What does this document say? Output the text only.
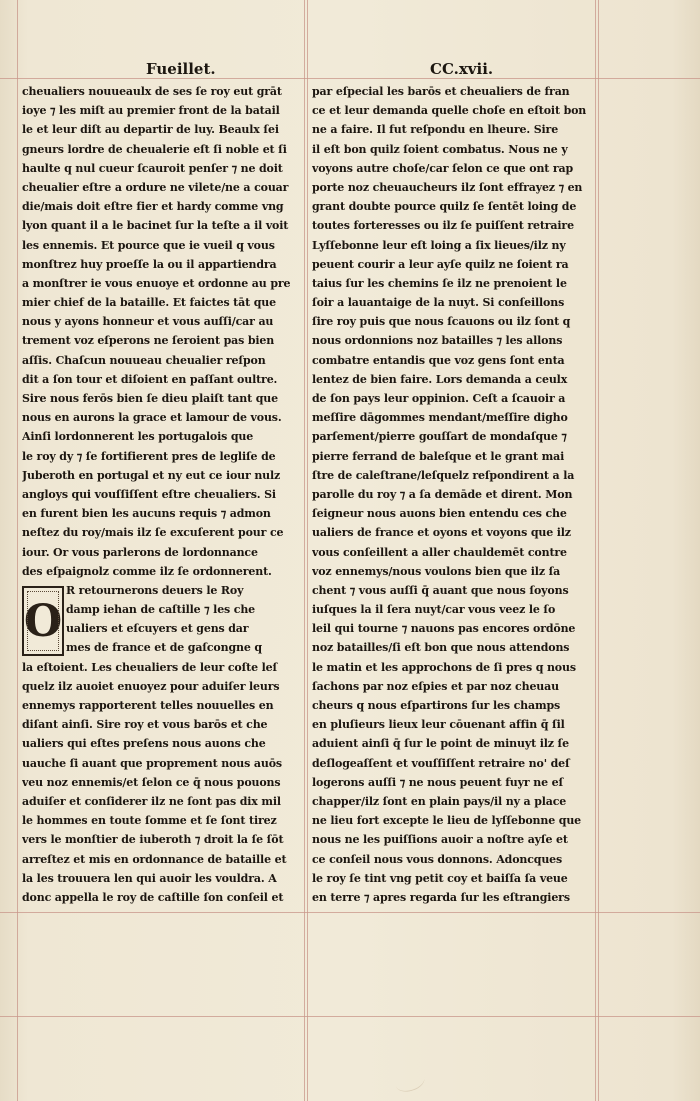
Fueillet.	CC.xvii.
cheualiers nouueaulx de ses ſe roy eut grāt
ioye ⁊ les miſt au premier front de la batail
le et leur diſt au departir de luy. Beaulx ſei
gneurs lordre de cheualerie eſt ſi noble et ſi
haulte q nul cueur ſcauroit penſer ⁊ ne doit
cheualier eſtre a ordure ne vilete/ne a couar
die/mais doit eſtre fier et hardy comme vng
lyon quant il a le bacinet ſur la teſte a il voit
les ennemis. Et pource que ie vueil q vous
monſtrez huy proeſſe la ou il appartiendra
a monſtrer ie vous enuoye et ordonne au pre
mier chief de la bataille. Et faictes tāt que
nous y ayons honneur et vous auſſi/car au
trement voz eſperons ne ſeroient pas bien
aſſis. Chaſcun nouueau cheualier reſpon
dit a ſon tour et diſoient en paſſant oultre.
Sire nous ferōs bien ſe dieu plaiſt tant que
nous en aurons la grace et lamour de vous.
Ainſi lordonnerent les portugalois que
le roy dy ⁊ ſe fortifierent pres de legliſe de
Juberoth en portugal et ny eut ce iour nulz
angloys qui vouſſiſſent eſtre cheualiers. Si
en furent bien les aucuns requis ⁊ admon
neſtez du roy/mais ilz ſe excuſerent pour ce
iour. Or vous parlerons de lordonnance
des eſpaignolz comme ilz ſe ordonnerent.
R retournerons deuers le Roy
damp iehan de caſtille ⁊ les che
ualiers et eſcuyers et gens dar
mes de france et de gaſcongne q
la eſtoient. Les cheualiers de leur coſte leſ
quelz ilz auoiet enuoyez pour aduiſer leurs
ennemys rapporterent telles nouuelles en
diſant ainſi. Sire roy et vous barōs et che
ualiers qui eſtes preſens nous auons che
uauche ſi auant que proprement nous auōs
veu noz ennemis/et ſelon ce q̄ nous pouons
aduiſer et conſiderer ilz ne ſont pas dix mil
le hommes en toute ſomme et ſe ſont tirez
vers le monſtier de iuberoth ⁊ droit la ſe ſōt
arreſtez et mis en ordonnance de bataille et
la les trouuera len qui auoir les vouldra. A
donc appella le roy de caſtille ſon conſeil et
O
par eſpecial les barōs et cheualiers de fran
ce et leur demanda quelle choſe en eſtoit bon
ne a faire. Il fut reſpondu en lheure. Sire
il eſt bon quilz ſoient combatus. Nous ne y
voyons autre choſe/car ſelon ce que ont rap
porte noz cheuaucheurs ilz ſont effrayez ⁊ en
grant doubte pource quilz ſe ſentēt loing de
toutes forteresses ou ilz ſe puiſſent retraire
Lyſſebonne leur eſt loing a ſix lieues/ilz ny
peuent courir a leur ayſe quilz ne ſoient ra
taius ſur les chemins ſe ilz ne prenoient le
ſoir a lauantaige de la nuyt. Si conſeillons
ſire roy puis que nous ſcauons ou ilz ſont q
nous ordonnions noz batailles ⁊ les allons
combatre entandis que voz gens ſont enta
lentez de bien faire. Lors demanda a ceulx
de ſon pays leur oppinion. Ceſt a ſcauoir a
meſſire dāgommes mendant/meſſire digho
parſement/pierre gouſſart de mondaſque ⁊
pierre ferrand de baleſque et le grant mai
ſtre de caleſtrane/leſquelz reſpondirent a la
parolle du roy ⁊ a ſa demāde et dirent. Mon
ſeigneur nous auons bien entendu ces che
ualiers de france et oyons et voyons que ilz
vous conſeillent a aller chauldemēt contre
voz ennemys/nous voulons bien que ilz ſa
chent ⁊ vous auſſi q̄ auant que nous ſoyons
iuſques la il ſera nuyt/car vous veez le ſo
leil qui tourne ⁊ nauons pas encores ordōne
noz batailles/ſi eſt bon que nous attendons
le matin et les approchons de ſi pres q nous
ſachons par noz eſpies et par noz cheuau
cheurs q nous eſpartirons ſur les champs
en pluſieurs lieux leur cōuenant affin q̄ ſil
aduient ainſi q̄ ſur le point de minuyt ilz ſe
deſlogeaſſent et vouſſiſſent retraire no' deſ
logerons auſſi ⁊ ne nous peuent fuyr ne eſ
chapper/ilz ſont en plain pays/il ny a place
ne lieu fort excepte le lieu de lyſſebonne que
nous ne les puiſſions auoir a noſtre ayſe et
ce conſeil nous vous donnons. Adoncques
le roy ſe tint vng petit coy et baiſſa ſa veue
en terre ⁊ apres regarda ſur les eſtrangiers
